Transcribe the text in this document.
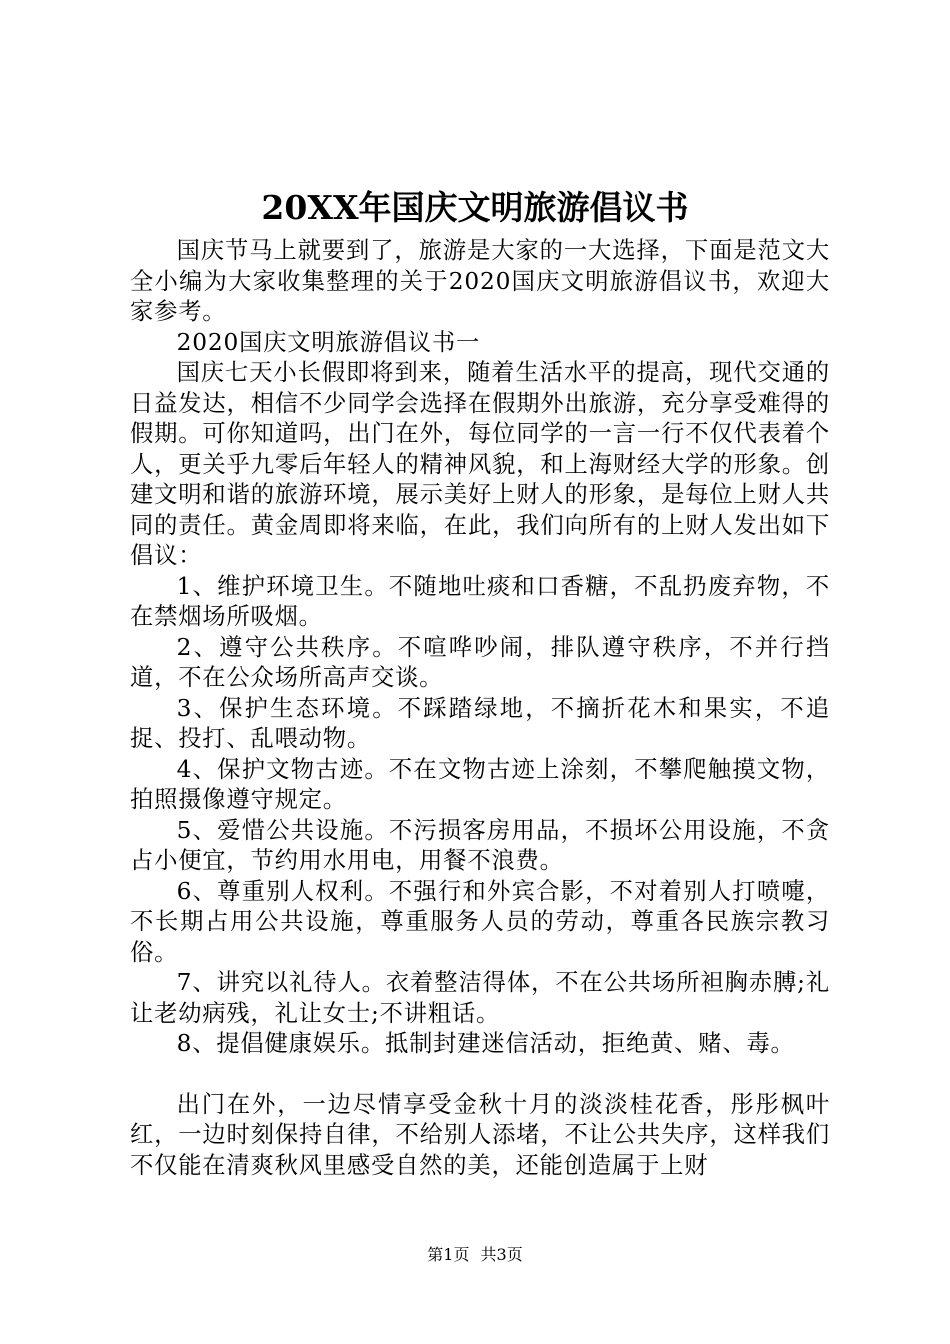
20XX年国庆文明旅游倡议书

国庆节马上就要到了，旅游是大家的一大选择，下面是范文大全小编为大家收集整理的关于2020国庆文明旅游倡议书，欢迎大家参考。

2020国庆文明旅游倡议书一

国庆七天小长假即将到来，随着生活水平的提高，现代交通的日益发达，相信不少同学会选择在假期外出旅游，充分享受难得的假期。可你知道吗，出门在外，每位同学的一言一行不仅代表着个人，更关乎九零后年轻人的精神风貌，和上海财经大学的形象。创建文明和谐的旅游环境，展示美好上财人的形象，是每位上财人共同的责任。黄金周即将来临，在此，我们向所有的上财人发出如下倡议：

1、维护环境卫生。不随地吐痰和口香糖，不乱扔废弃物，不在禁烟场所吸烟。

2、遵守公共秩序。不喧哗吵闹，排队遵守秩序，不并行挡道，不在公众场所高声交谈。

3、保护生态环境。不踩踏绿地，不摘折花木和果实，不追捉、投打、乱喂动物。

4、保护文物古迹。不在文物古迹上涂刻，不攀爬触摸文物，拍照摄像遵守规定。

5、爱惜公共设施。不污损客房用品，不损坏公用设施，不贪占小便宜，节约用水用电，用餐不浪费。

6、尊重别人权利。不强行和外宾合影，不对着别人打喷嚏，不长期占用公共设施，尊重服务人员的劳动，尊重各民族宗教习俗。

7、讲究以礼待人。衣着整洁得体，不在公共场所袒胸赤膊;礼让老幼病残，礼让女士;不讲粗话。

8、提倡健康娱乐。抵制封建迷信活动，拒绝黄、赌、毒。

出门在外，一边尽情享受金秋十月的淡淡桂花香，彤彤枫叶红，一边时刻保持自律，不给别人添堵，不让公共失序，这样我们不仅能在清爽秋风里感受自然的美，还能创造属于上财

第1页 共3页
